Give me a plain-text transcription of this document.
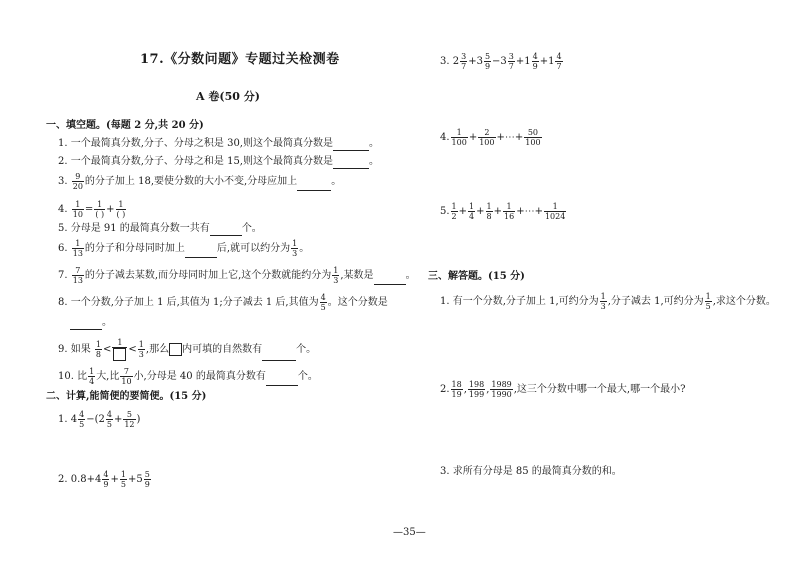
17.《分数问题》专题过关检测卷
A 卷(50 分)
一、填空题。(每题 2 分,共 20 分)
1. 一个最简真分数,分子、分母之积是 30,则这个最简真分数是	。
2. 一个最简真分数,分子、分母之和是 15,则这个最简真分数是	。
3. $\frac{9}{20}$ 的分子加上 18,要使分数的大小不变,分母应加上	。
4. $\frac{1}{10} = \frac{1}{( )} + \frac{1}{( )}$
5. 分母是 91 的最简真分数一共有	个。
6. $\frac{1}{13}$ 的分子和分母同时加上	后,就可以约分为 $\frac{1}{3}$ 。
7. $\frac{7}{13}$ 的分子减去某数,而分母同时加上它,这个分数就能约分为 $\frac{1}{3}$ ,某数是	。
8. 一个分数,分子加上 1 后,其值为 1;分子减去 1 后,其值为 $\frac{4}{5}$ 。这个分数是
。
9. 如果 $\frac{1}{8}$ <
1
< $\frac{1}{3}$ ,那么 内可填的自然数有	个。
10. 比 $\frac{1}{4}$ 大,比 $\frac{7}{10}$ 小,分母是 40 的最简真分数有	个。
二、计算,能简便的要简便。(15 分)
1. $4 \frac{4}{5} -(2 \frac{4}{5} + \frac{5}{12}$ )
2. $0.8+4 \frac{4}{9} + \frac{1}{5} +5 \frac{5}{9}$
3. $2 \frac{3}{7} +3 \frac{5}{9} -3 \frac{3}{7} +1 \frac{4}{9} +1 \frac{4}{7}$
4. $\frac{1}{100} + \frac{2}{100}$ +⋯+ $\frac{50}{100}$
5. $\frac{1}{2} + \frac{1}{4} + \frac{1}{8} + \frac{1}{16}$ +⋯+ $\frac{1}{1024}$
三、解答题。(15 分)
1. 有一个分数,分子加上 1,可约分为 $\frac{1}{3}$ ,分子减去 1,可约分为 $\frac{1}{5}$ ,求这个分数。
2. $\frac{18}{19}$ , $\frac{198}{199}$ , $\frac{1989}{1990}$ ,这三个分数中哪一个最大,哪一个最小?
3. 求所有分母是 85 的最简真分数的和。
—35—
